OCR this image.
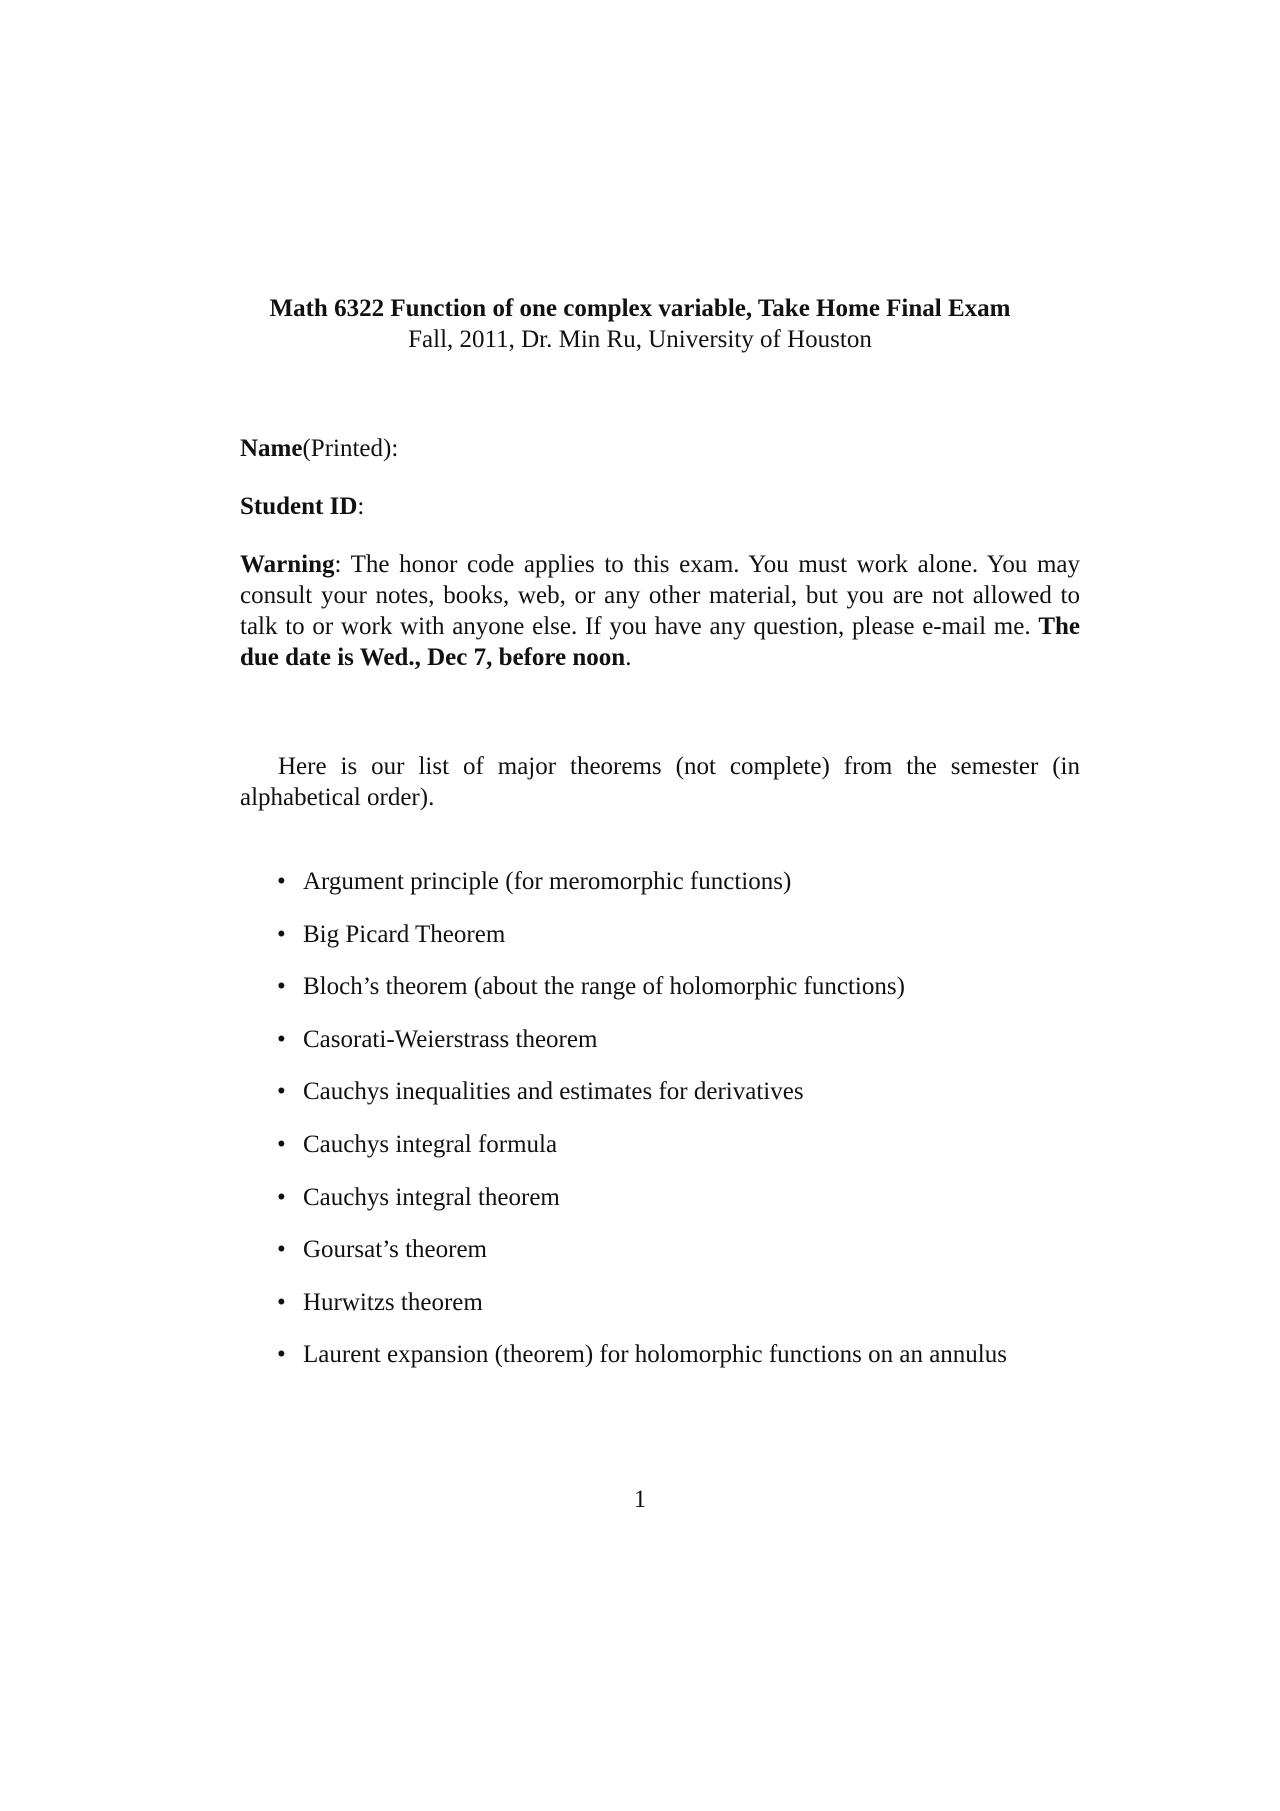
Math 6322 Function of one complex variable, Take Home Final Exam

Fall, 2011, Dr. Min Ru, University of Houston

Name(Printed):
Student ID:
Warning: The honor code applies to this exam. You must work alone. You may consult your notes, books, web, or any other material, but you are not allowed to talk to or work with anyone else. If you have any question, please e-mail me. The due date is Wed., Dec 7, before noon.
Here is our list of major theorems (not complete) from the semester (in alphabetical order).
• Argument principle (for meromorphic functions)
• Big Picard Theorem
• Bloch’s theorem (about the range of holomorphic functions)
• Casorati-Weierstrass theorem
• Cauchys inequalities and estimates for derivatives
• Cauchys integral formula
• Cauchys integral theorem
• Goursat’s theorem
• Hurwitzs theorem
• Laurent expansion (theorem) for holomorphic functions on an annulus
1
